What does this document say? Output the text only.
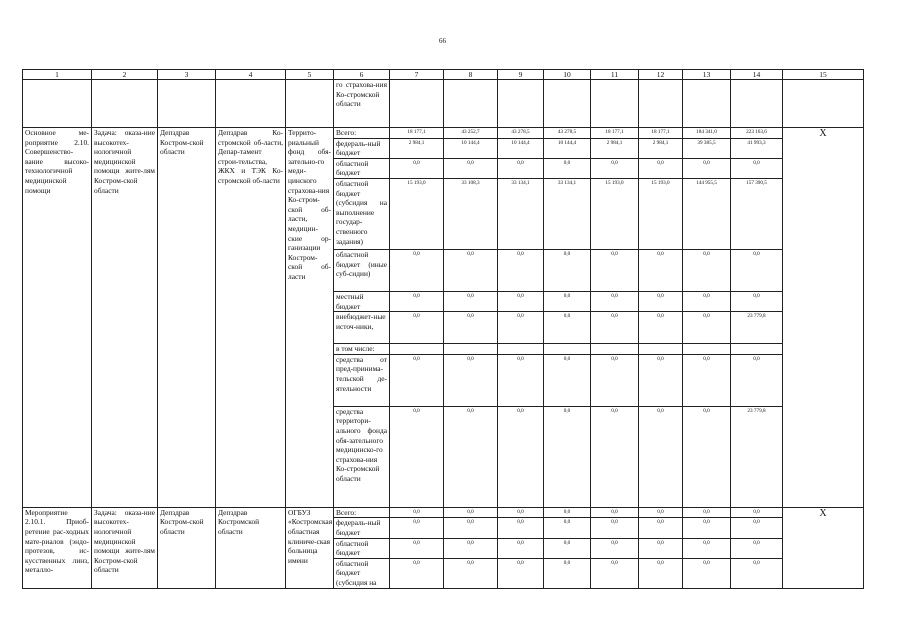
66
1	2	3	4	5	6	7	8	9	10	11	12	13	14	15
					го страхова-ния Ко-стромской области									
Основное ме-роприятие 2.10. Совершенство-вание высоко-технологичной медицинской помощи	Задача: оказа-ние высокотех-нологичной медицинской помощи жите-лям Костром-ской области	Депздрав Костром-ской области	Депздрав Ко-стромской об-ласти, Депар-тамент строи-тельства, ЖКХ и ТЭК Ко-стромской об-ласти	Террито-риальный фонд обя-зательно-го меди-цинского страхова-ния Ко-стром-ской об-ласти, медицин-ские ор-ганизации Костром-ской об-ласти	Всего:	18 177,1	43 252,7	43 278,5	43 278,5	18 177,1	18 177,1	184 341,0	223 163,6	X
					федераль-ный бюджет	2 984,1	10 144,4	10 144,4	10 144,4	2 984,1	2 984,1	39 385,5	41 993,3	
					областной бюджет	0,0	0,0	0,0	0,0	0,0	0,0	0,0	0,0	
					областной бюджет (субсидия на выполнение государ-ственного задания)	15 193,0	33 108,3	33 134,1	33 134,1	15 193,0	15 193,0	144 955,5	157 390,5	
					областной бюджет (иные суб-сидии)	0,0	0,0	0,0	0,0	0,0	0,0	0,0	0,0	
					местный бюджет	0,0	0,0	0,0	0,0	0,0	0,0	0,0	0,0	
					внебюджет-ные источ-ники,	0,0	0,0	0,0	0,0	0,0	0,0	0,0	23 779,8	
					в том числе:									
					средства от пред-принима-тельской де-ятельности	0,0	0,0	0,0	0,0	0,0	0,0	0,0	0,0	
					средства территори-ального фонда обя-зательного медицинско-го страхова-ния Ко-стромской области	0,0	0,0	0,0	0,0	0,0	0,0	0,0	23 779,8	
Мероприятие 2.10.1. Приоб-ретение рас-ходных мате-риалов (эндо-протезов, ис-кусственных линз, металло-	Задача: оказа-ние высокотех-нологичной медицинской помощи жите-лям Костром-ской области	Депздрав Костром-ской области	Депздрав Костромской области	ОГБУЗ «Костромская областная клиниче-ская больница имени	Всего:	0,0	0,0	0,0	0,0	0,0	0,0	0,0	0,0	X
					федераль-ный бюджет	0,0	0,0	0,0	0,0	0,0	0,0	0,0	0,0	
					областной бюджет	0,0	0,0	0,0	0,0	0,0	0,0	0,0	0,0	
					областной бюджет (субсидия на	0,0	0,0	0,0	0,0	0,0	0,0	0,0	0,0	
